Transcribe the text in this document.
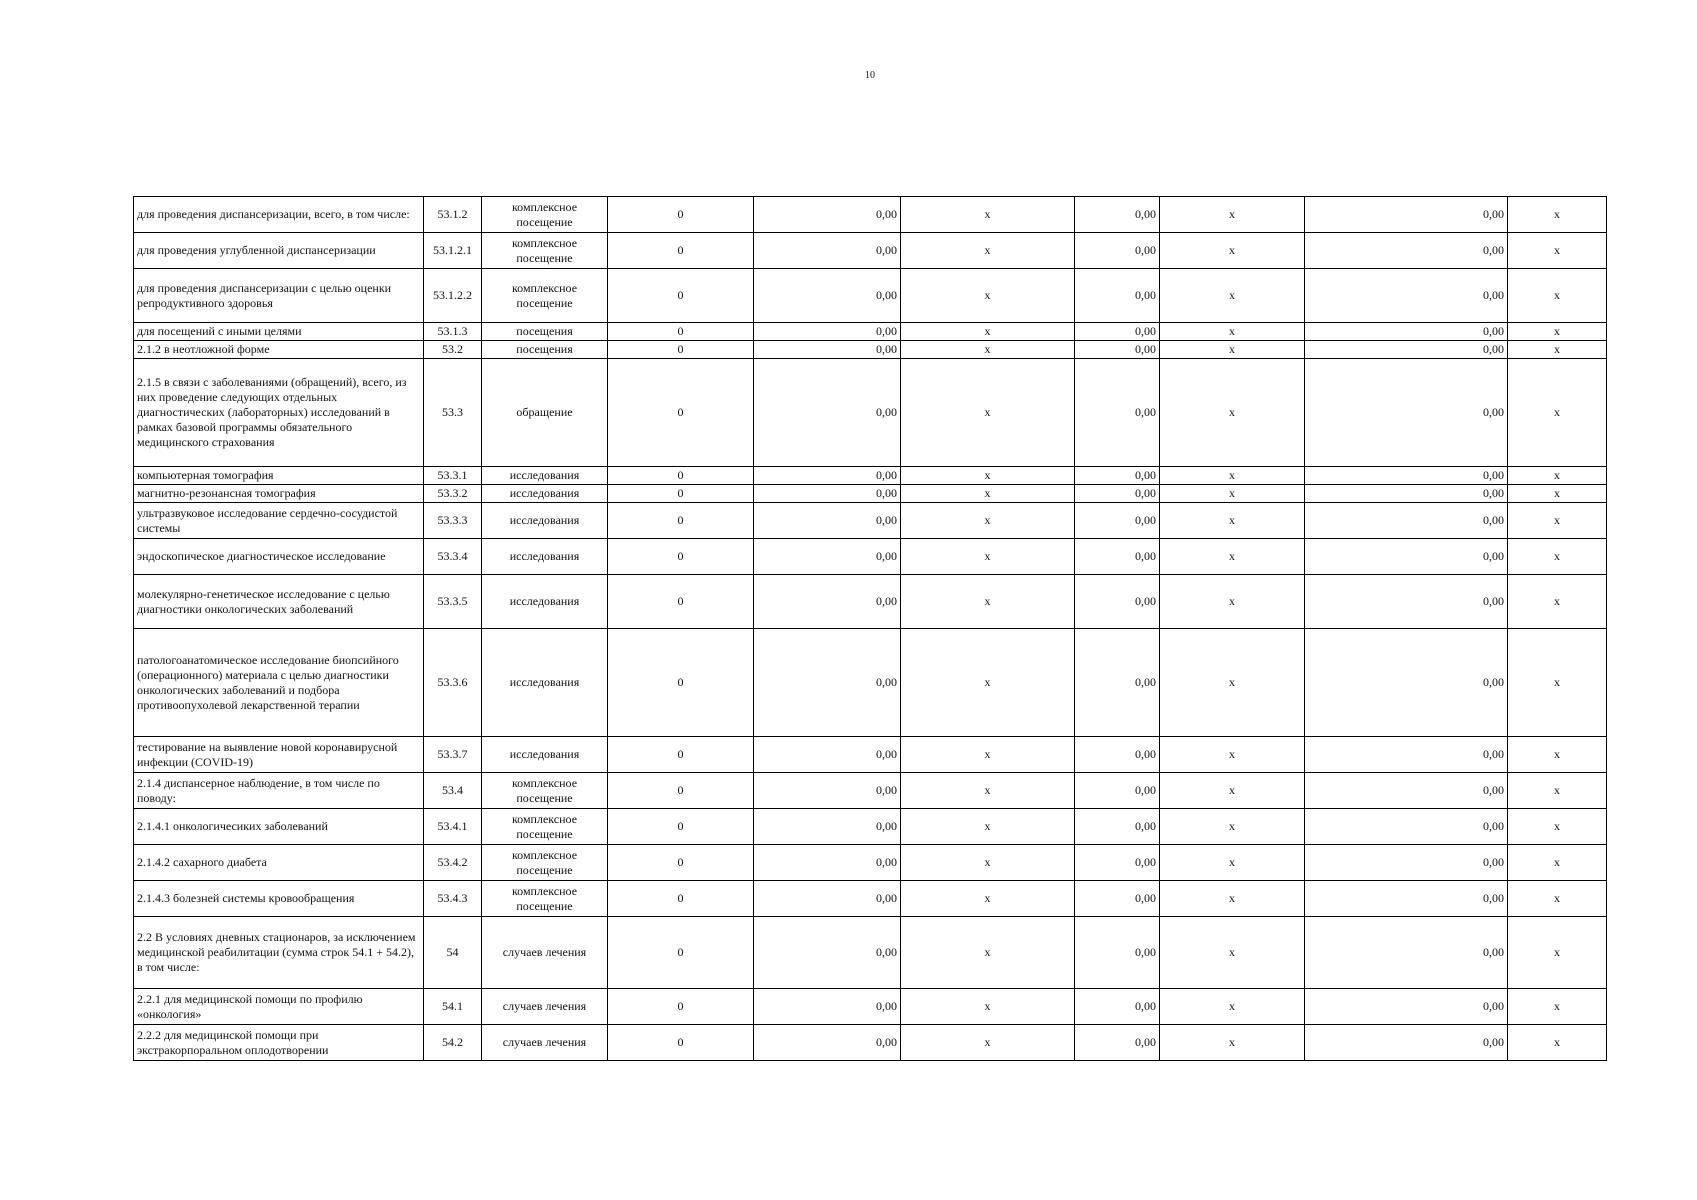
10
для проведения диспансеризации, всего, в том числе:	53.1.2	комплексное посещение	0	0,00	x	0,00	x	0,00	x
для проведения углубленной диспансеризации	53.1.2.1	комплексное посещение	0	0,00	x	0,00	x	0,00	x
для проведения диспансеризации с целью оценки репродуктивного здоровья	53.1.2.2	комплексное посещение	0	0,00	x	0,00	x	0,00	x
для посещений с иными целями	53.1.3	посещения	0	0,00	x	0,00	x	0,00	x
2.1.2 в неотложной форме	53.2	посещения	0	0,00	x	0,00	x	0,00	x
2.1.5 в связи с заболеваниями (обращений), всего, из них проведение следующих отдельных диагностических (лабораторных) исследований в рамках базовой программы обязательного медицинского страхования	53.3	обращение	0	0,00	x	0,00	x	0,00	x
компьютерная томография	53.3.1	исследования	0	0,00	x	0,00	x	0,00	x
магнитно-резонансная томография	53.3.2	исследования	0	0,00	x	0,00	x	0,00	x
ультразвуковое исследование сердечно-сосудистой системы	53.3.3	исследования	0	0,00	x	0,00	x	0,00	x
эндоскопическое диагностическое исследование	53.3.4	исследования	0	0,00	x	0,00	x	0,00	x
молекулярно-генетическое исследование с целью диагностики онкологических заболеваний	53.3.5	исследования	0	0,00	x	0,00	x	0,00	x
патологоанатомическое исследование биопсийного (операционного) материала с целью диагностики онкологических заболеваний и подбора противоопухолевой лекарственной терапии	53.3.6	исследования	0	0,00	x	0,00	x	0,00	x
тестирование на выявление новой коронавирусной инфекции (COVID-19)	53.3.7	исследования	0	0,00	x	0,00	x	0,00	x
2.1.4 диспансерное наблюдение, в том числе по поводу:	53.4	комплексное посещение	0	0,00	x	0,00	x	0,00	x
2.1.4.1 онкологичесиких заболеваний	53.4.1	комплексное посещение	0	0,00	x	0,00	x	0,00	x
2.1.4.2 сахарного диабета	53.4.2	комплексное посещение	0	0,00	x	0,00	x	0,00	x
2.1.4.3 болезней системы кровообращения	53.4.3	комплексное посещение	0	0,00	x	0,00	x	0,00	x
2.2 В условиях дневных стационаров, за исключением медицинской реабилитации (сумма строк 54.1 + 54.2), в том числе:	54	случаев лечения	0	0,00	x	0,00	x	0,00	x
2.2.1 для медицинской помощи по профилю «онкология»	54.1	случаев лечения	0	0,00	x	0,00	x	0,00	x
2.2.2 для медицинской помощи при экстракорпоральном оплодотворении	54.2	случаев лечения	0	0,00	x	0,00	x	0,00	x
